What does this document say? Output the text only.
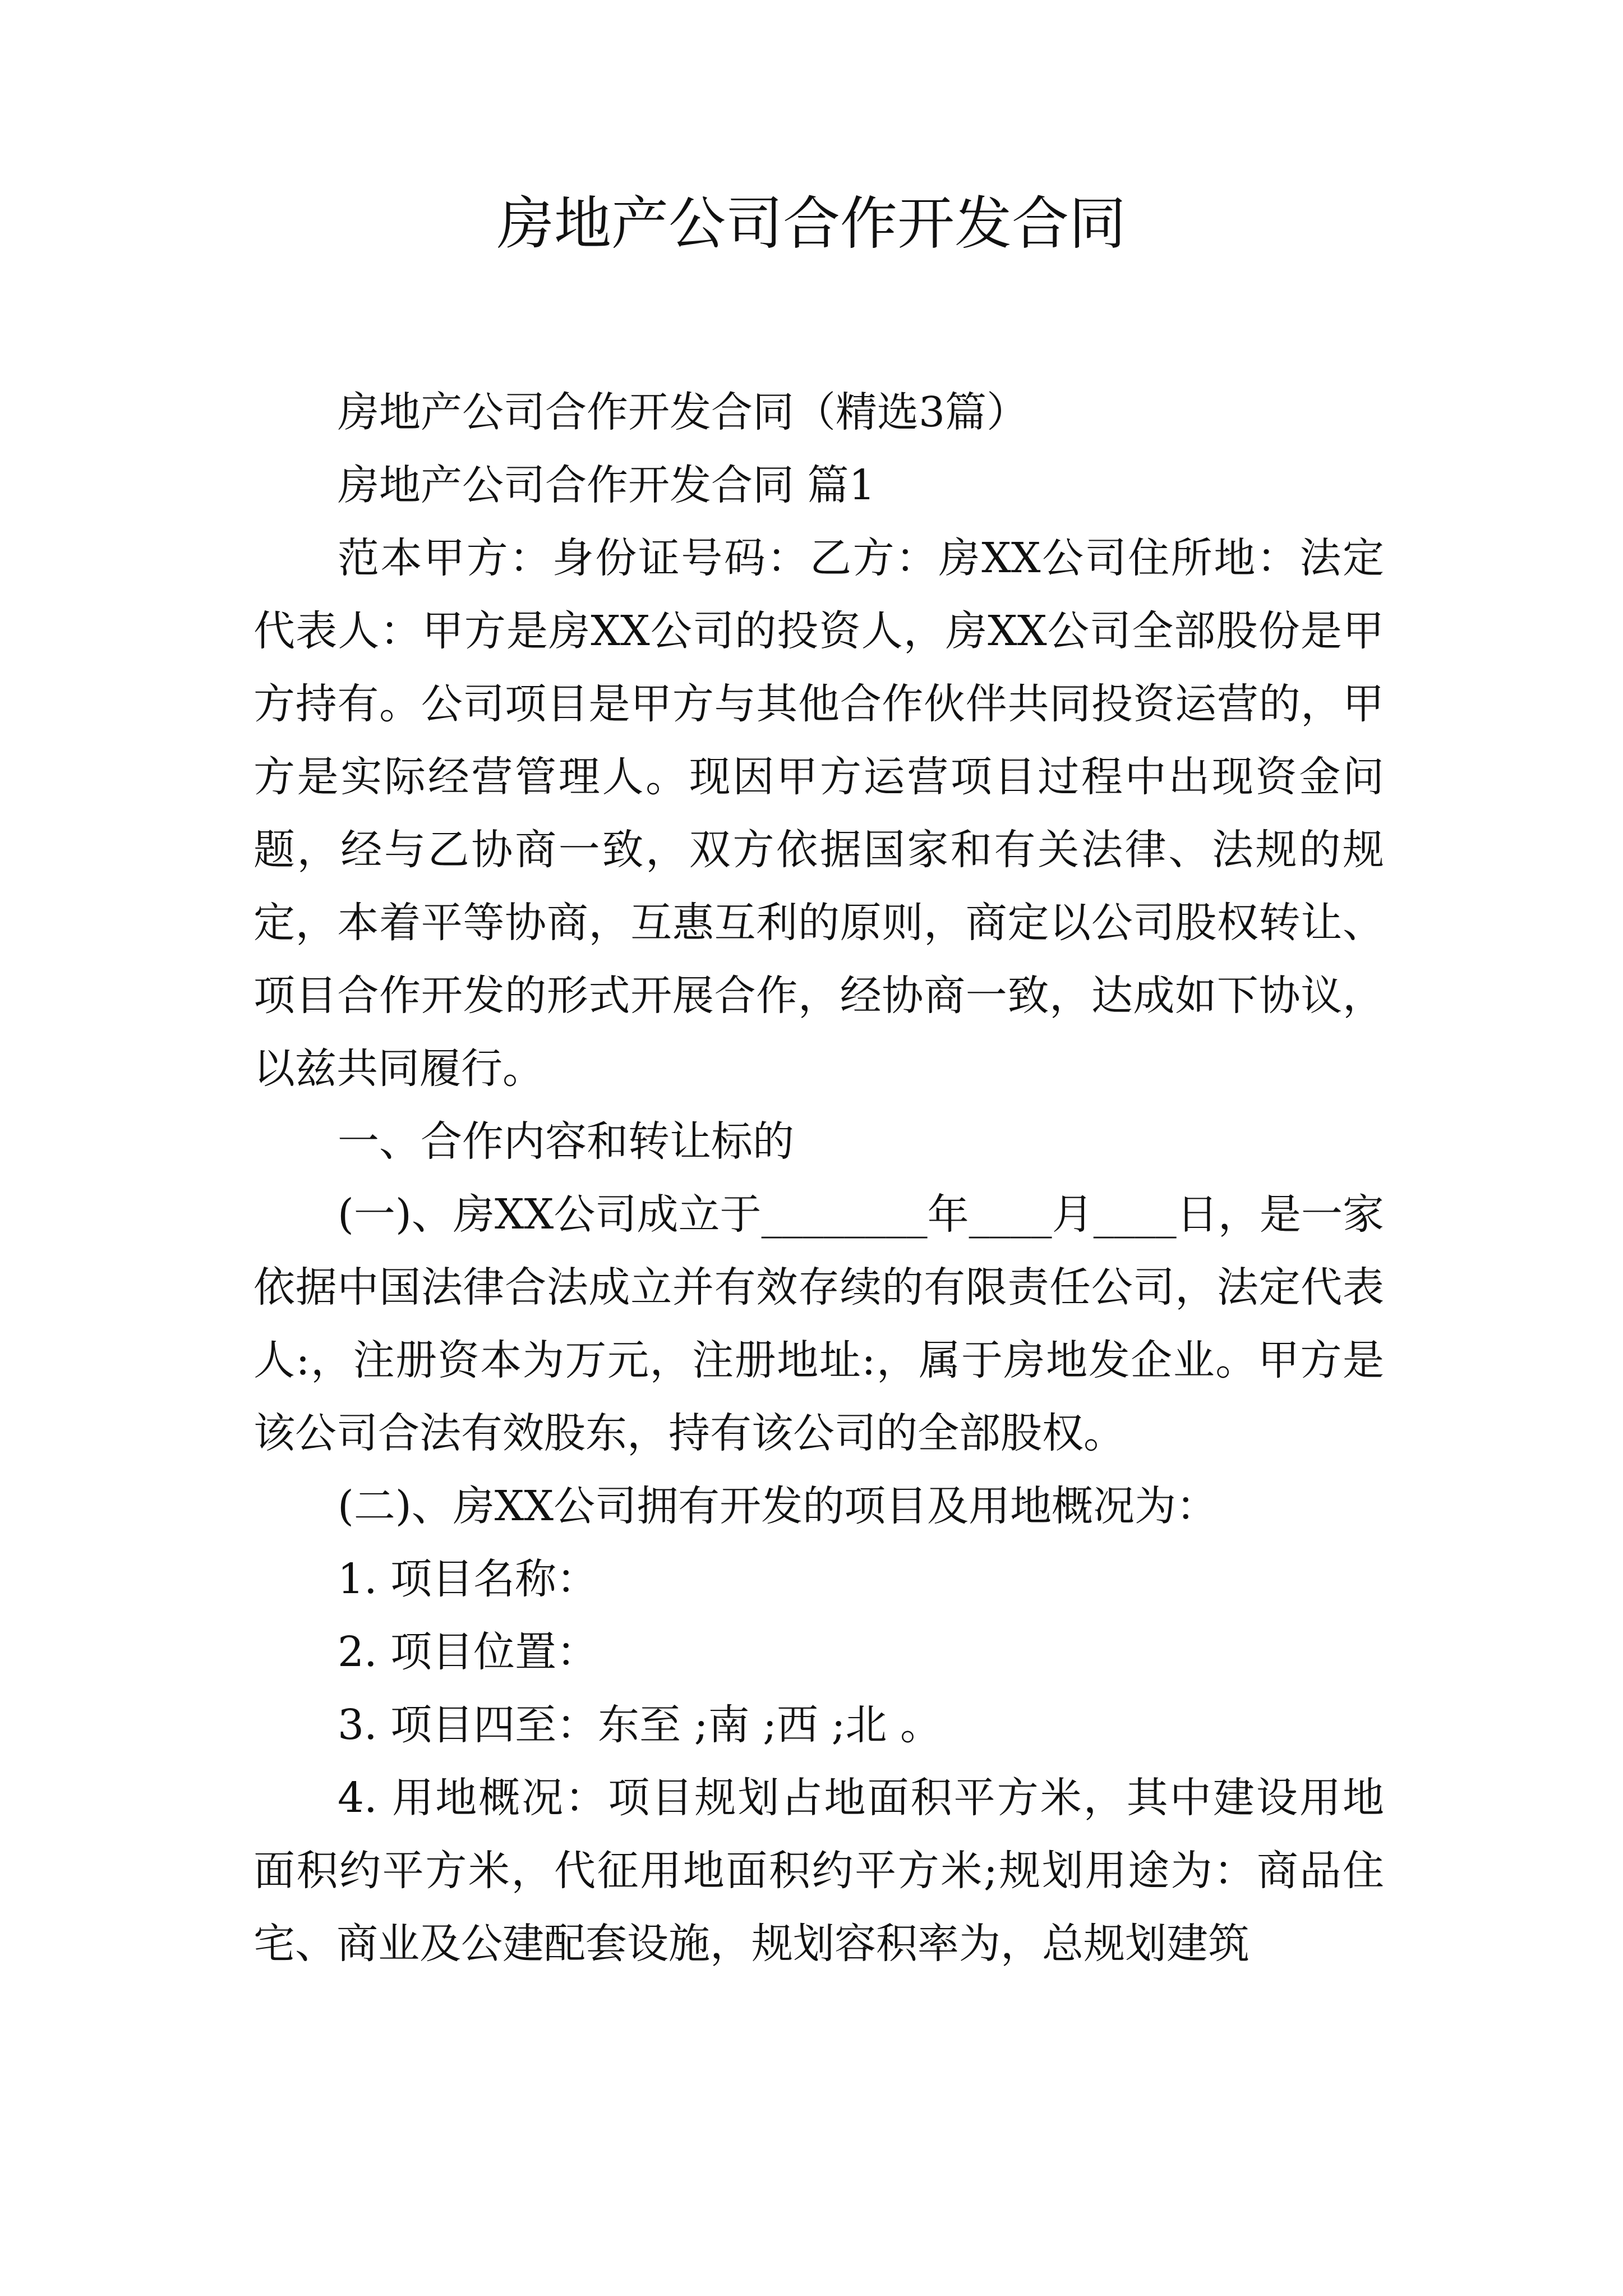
房地产公司合作开发合同

房地产公司合作开发合同（精选3篇）

房地产公司合作开发合同 篇1

范本甲方：身份证号码：乙方：房XX公司住所地：法定代表人：甲方是房XX公司的投资人，房XX公司全部股份是甲方持有。公司项目是甲方与其他合作伙伴共同投资运营的，甲方是实际经营管理人。现因甲方运营项目过程中出现资金问题，经与乙协商一致，双方依据国家和有关法律、法规的规定，本着平等协商，互惠互利的原则，商定以公司股权转让、项目合作开发的形式开展合作，经协商一致，达成如下协议，以兹共同履行。

一、合作内容和转让标的

(一)、房XX公司成立于________年____月____日，是一家依据中国法律合法成立并有效存续的有限责任公司，法定代表人:，注册资本为万元，注册地址:，属于房地发企业。甲方是该公司合法有效股东，持有该公司的全部股权。

(二)、房XX公司拥有开发的项目及用地概况为：

1. 项目名称：

2. 项目位置：

3. 项目四至：东至 ;南 ;西 ;北 。

4. 用地概况：项目规划占地面积平方米，其中建设用地面积约平方米，代征用地面积约平方米;规划用途为：商品住宅、商业及公建配套设施，规划容积率为，总规划建筑
